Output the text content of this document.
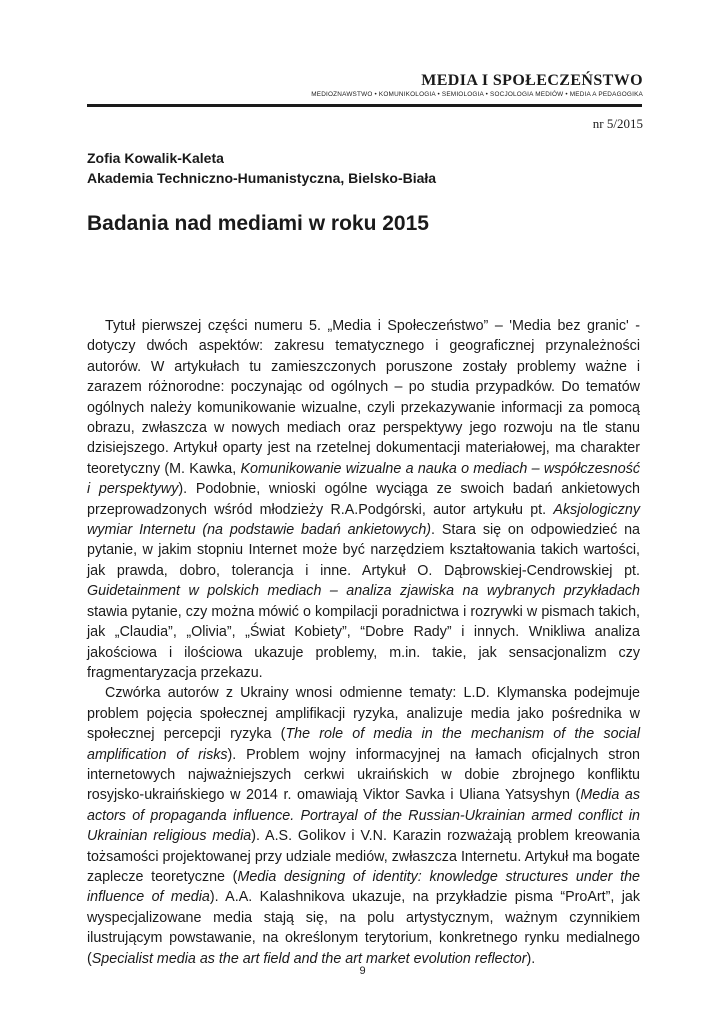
MEDIA I SPOŁECZEŃSTWO
MEDIOZNAWSTWO • KOMUNIKOLOGIA • SEMIOLOGIA • SOCJOLOGIA MEDIÓW • MEDIA A PEDAGOGIKA
nr 5/2015
Zofia Kowalik-Kaleta
Akademia Techniczno-Humanistyczna, Bielsko-Biała
Badania nad mediami w roku 2015

Tytuł pierwszej części numeru 5. „Media i Społeczeństwo” – 'Media bez granic' - dotyczy dwóch aspektów: zakresu tematycznego i geograficznej przynależności autorów. W artykułach tu zamieszczonych poruszone zostały problemy ważne i zarazem różnorodne: poczynając od ogólnych – po studia przypadków. Do tematów ogólnych należy komunikowanie wizualne, czyli przekazywanie informacji za pomocą obrazu, zwłaszcza w nowych mediach oraz perspektywy jego rozwoju na tle stanu dzisiejszego. Artykuł oparty jest na rzetelnej dokumentacji materiałowej, ma charakter teoretyczny (M. Kawka, Komunikowanie wizualne a nauka o mediach – współczesność i perspektywy). Podobnie, wnioski ogólne wyciąga ze swoich badań ankietowych przeprowadzonych wśród młodzieży R.A.Podgórski, autor artykułu pt. Aksjologiczny wymiar Internetu (na podstawie badań ankietowych). Stara się on odpowiedzieć na pytanie, w jakim stopniu Internet może być narzędziem kształtowania takich wartości, jak prawda, dobro, tolerancja i inne. Artykuł O. Dąbrowskiej-Cendrowskiej pt. Guidetainment w polskich mediach – analiza zjawiska na wybranych przykładach stawia pytanie, czy można mówić o kompilacji poradnictwa i rozrywki w pismach takich, jak „Claudia”, „Olivia”, „Świat Kobiety”, “Dobre Rady” i innych. Wnikliwa analiza jakościowa i ilościowa ukazuje problemy, m.in. takie, jak sensacjonalizm czy fragmentaryzacja przekazu.

Czwórka autorów z Ukrainy wnosi odmienne tematy: L.D. Klymanska podejmuje problem pojęcia społecznej amplifikacji ryzyka, analizuje media jako pośrednika w społecznej percepcji ryzyka (The role of media in the mechanism of the social amplification of risks). Problem wojny informacyjnej na łamach oficjalnych stron internetowych najważniejszych cerkwi ukraińskich w dobie zbrojnego konfliktu rosyjsko-ukraińskiego w 2014 r. omawiają Viktor Savka i Uliana Yatsyshyn (Media as actors of propaganda influence. Portrayal of the Russian-Ukrainian armed conflict in Ukrainian religious media). A.S. Golikov i V.N. Karazin rozważają problem kreowania tożsamości projektowanej przy udziale mediów, zwłaszcza Internetu. Artykuł ma bogate zaplecze teoretyczne (Media designing of identity: knowledge structures under the influence of media). A.A. Kalashnikova ukazuje, na przykładzie pisma “ProArt”, jak wyspecjalizowane media stają się, na polu artystycznym, ważnym czynnikiem ilustrującym powstawanie, na określonym terytorium, konkretnego rynku medialnego (Specialist media as the art field and the art market evolution reflector).

9
